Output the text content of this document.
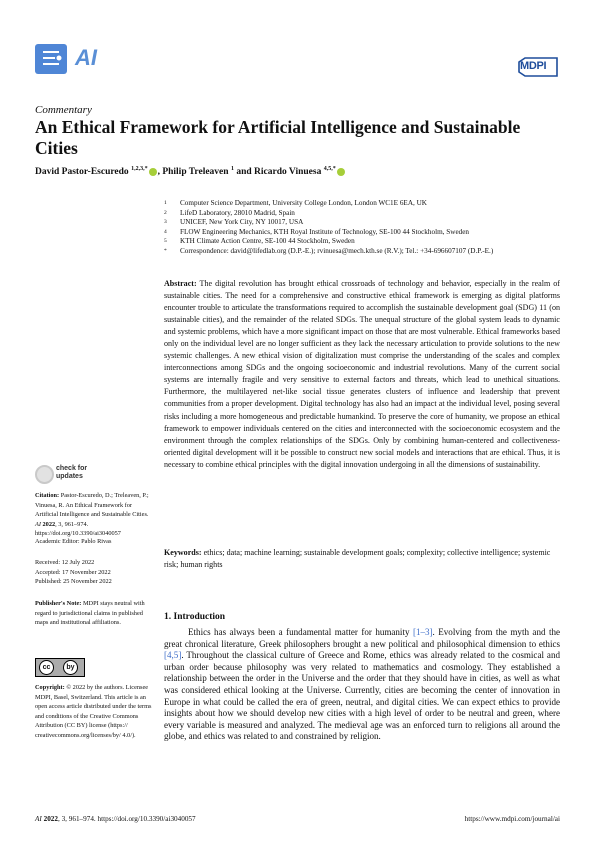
AI	MDPI
Commentary
An Ethical Framework for Artificial Intelligence and Sustainable Cities
David Pastor-Escuredo $^{1,2,3,*}$ , Philip Treleaven $^1$ and Ricardo Vinuesa $^{4,5,*}$
1	Computer Science Department, University College London, London WC1E 6EA, UK
2	LifeD Laboratory, 28010 Madrid, Spain
3	UNICEF, New York City, NY 10017, USA
4	FLOW Engineering Mechanics, KTH Royal Institute of Technology, SE-100 44 Stockholm, Sweden
5	KTH Climate Action Centre, SE-100 44 Stockholm, Sweden
*	Correspondence: david@lifedlab.org (D.P.-E.); rvinuesa@mech.kth.se (R.V.); Tel.: +34-696607107 (D.P.-E.)
Abstract: The digital revolution has brought ethical crossroads of technology and behavior, especially in the realm of sustainable cities. The need for a comprehensive and constructive ethical framework is emerging as digital platforms encounter trouble to articulate the transformations required to accomplish the sustainable development goal (SDG) 11 (on sustainable cities), and the remainder of the related SDGs. The unequal structure of the global system leads to dynamic and systemic problems, which have a more significant impact on those that are most vulnerable. Ethical frameworks based only on the individual level are no longer sufficient as they lack the necessary articulation to provide solutions to the new systemic challenges. A new ethical vision of digitalization must comprise the understanding of the scales and complex interconnections among SDGs and the ongoing socioeconomic and industrial revolutions. Many of the current social systems are internally fragile and very sensitive to external factors and threats, which lead to unethical situations. Furthermore, the multilayered net-like social tissue generates clusters of influence and leadership that prevent communities from a proper development. Digital technology has also had an impact at the individual level, posing several risks including a more homogeneous and predictable humankind. To preserve the core of humanity, we propose an ethical framework to empower individuals centered on the cities and interconnected with the socioeconomic ecosystem and the environment through the complex relationships of the SDGs. Only by combining human-centered and collectiveness-oriented digital development will it be possible to construct new social models and interactions that are ethical. Thus, it is necessary to combine ethical principles with the digital innovation undergoing in all the dimensions of sustainability.
Keywords: ethics; data; machine learning; sustainable development goals; complexity; collective intelligence; systemic risk; human rights
1. Introduction
Ethics has always been a fundamental matter for humanity [1–3]. Evolving from the myth and the great chronical literature, Greek philosophers brought a new political and philosophical dimension to ethics [4,5]. Throughout the classical culture of Greece and Rome, ethics was already related to the cosmical and urban order because philosophy was very related to mathematics and cosmology. They established a relationship between the order in the Universe and the order that they should have in cities, as well as what was considered ethical looking at the Universe. Currently, cities are becoming the center of innovation in Europe in what could be called the era of green, neutral, and digital cities. We can expect ethics to provide insights about how we should develop new cities with a high level of order to be neutral and green, where every variable is measured and analyzed. The medieval age was an enforced turn to religions all around the globe, and ethics was related to and constrained by religion.
check for
updates
Citation: Pastor-Escuredo, D.; Treleaven, P.; Vinuesa, R. An Ethical Framework for Artificial Intelligence and Sustainable Cities. AI 2022, 3, 961–974. https://doi.org/10.3390/ai3040057
Academic Editor: Pablo Rivas
Received: 12 July 2022
Accepted: 17 November 2022
Published: 25 November 2022
Publisher's Note: MDPI stays neutral with regard to jurisdictional claims in published maps and institutional affiliations.
cc	by
Copyright: © 2022 by the authors. Licensee MDPI, Basel, Switzerland. This article is an open access article distributed under the terms and conditions of the Creative Commons Attribution (CC BY) license (https:// creativecommons.org/licenses/by/ 4.0/).
AI 2022, 3, 961–974. https://doi.org/10.3390/ai3040057	https://www.mdpi.com/journal/ai
